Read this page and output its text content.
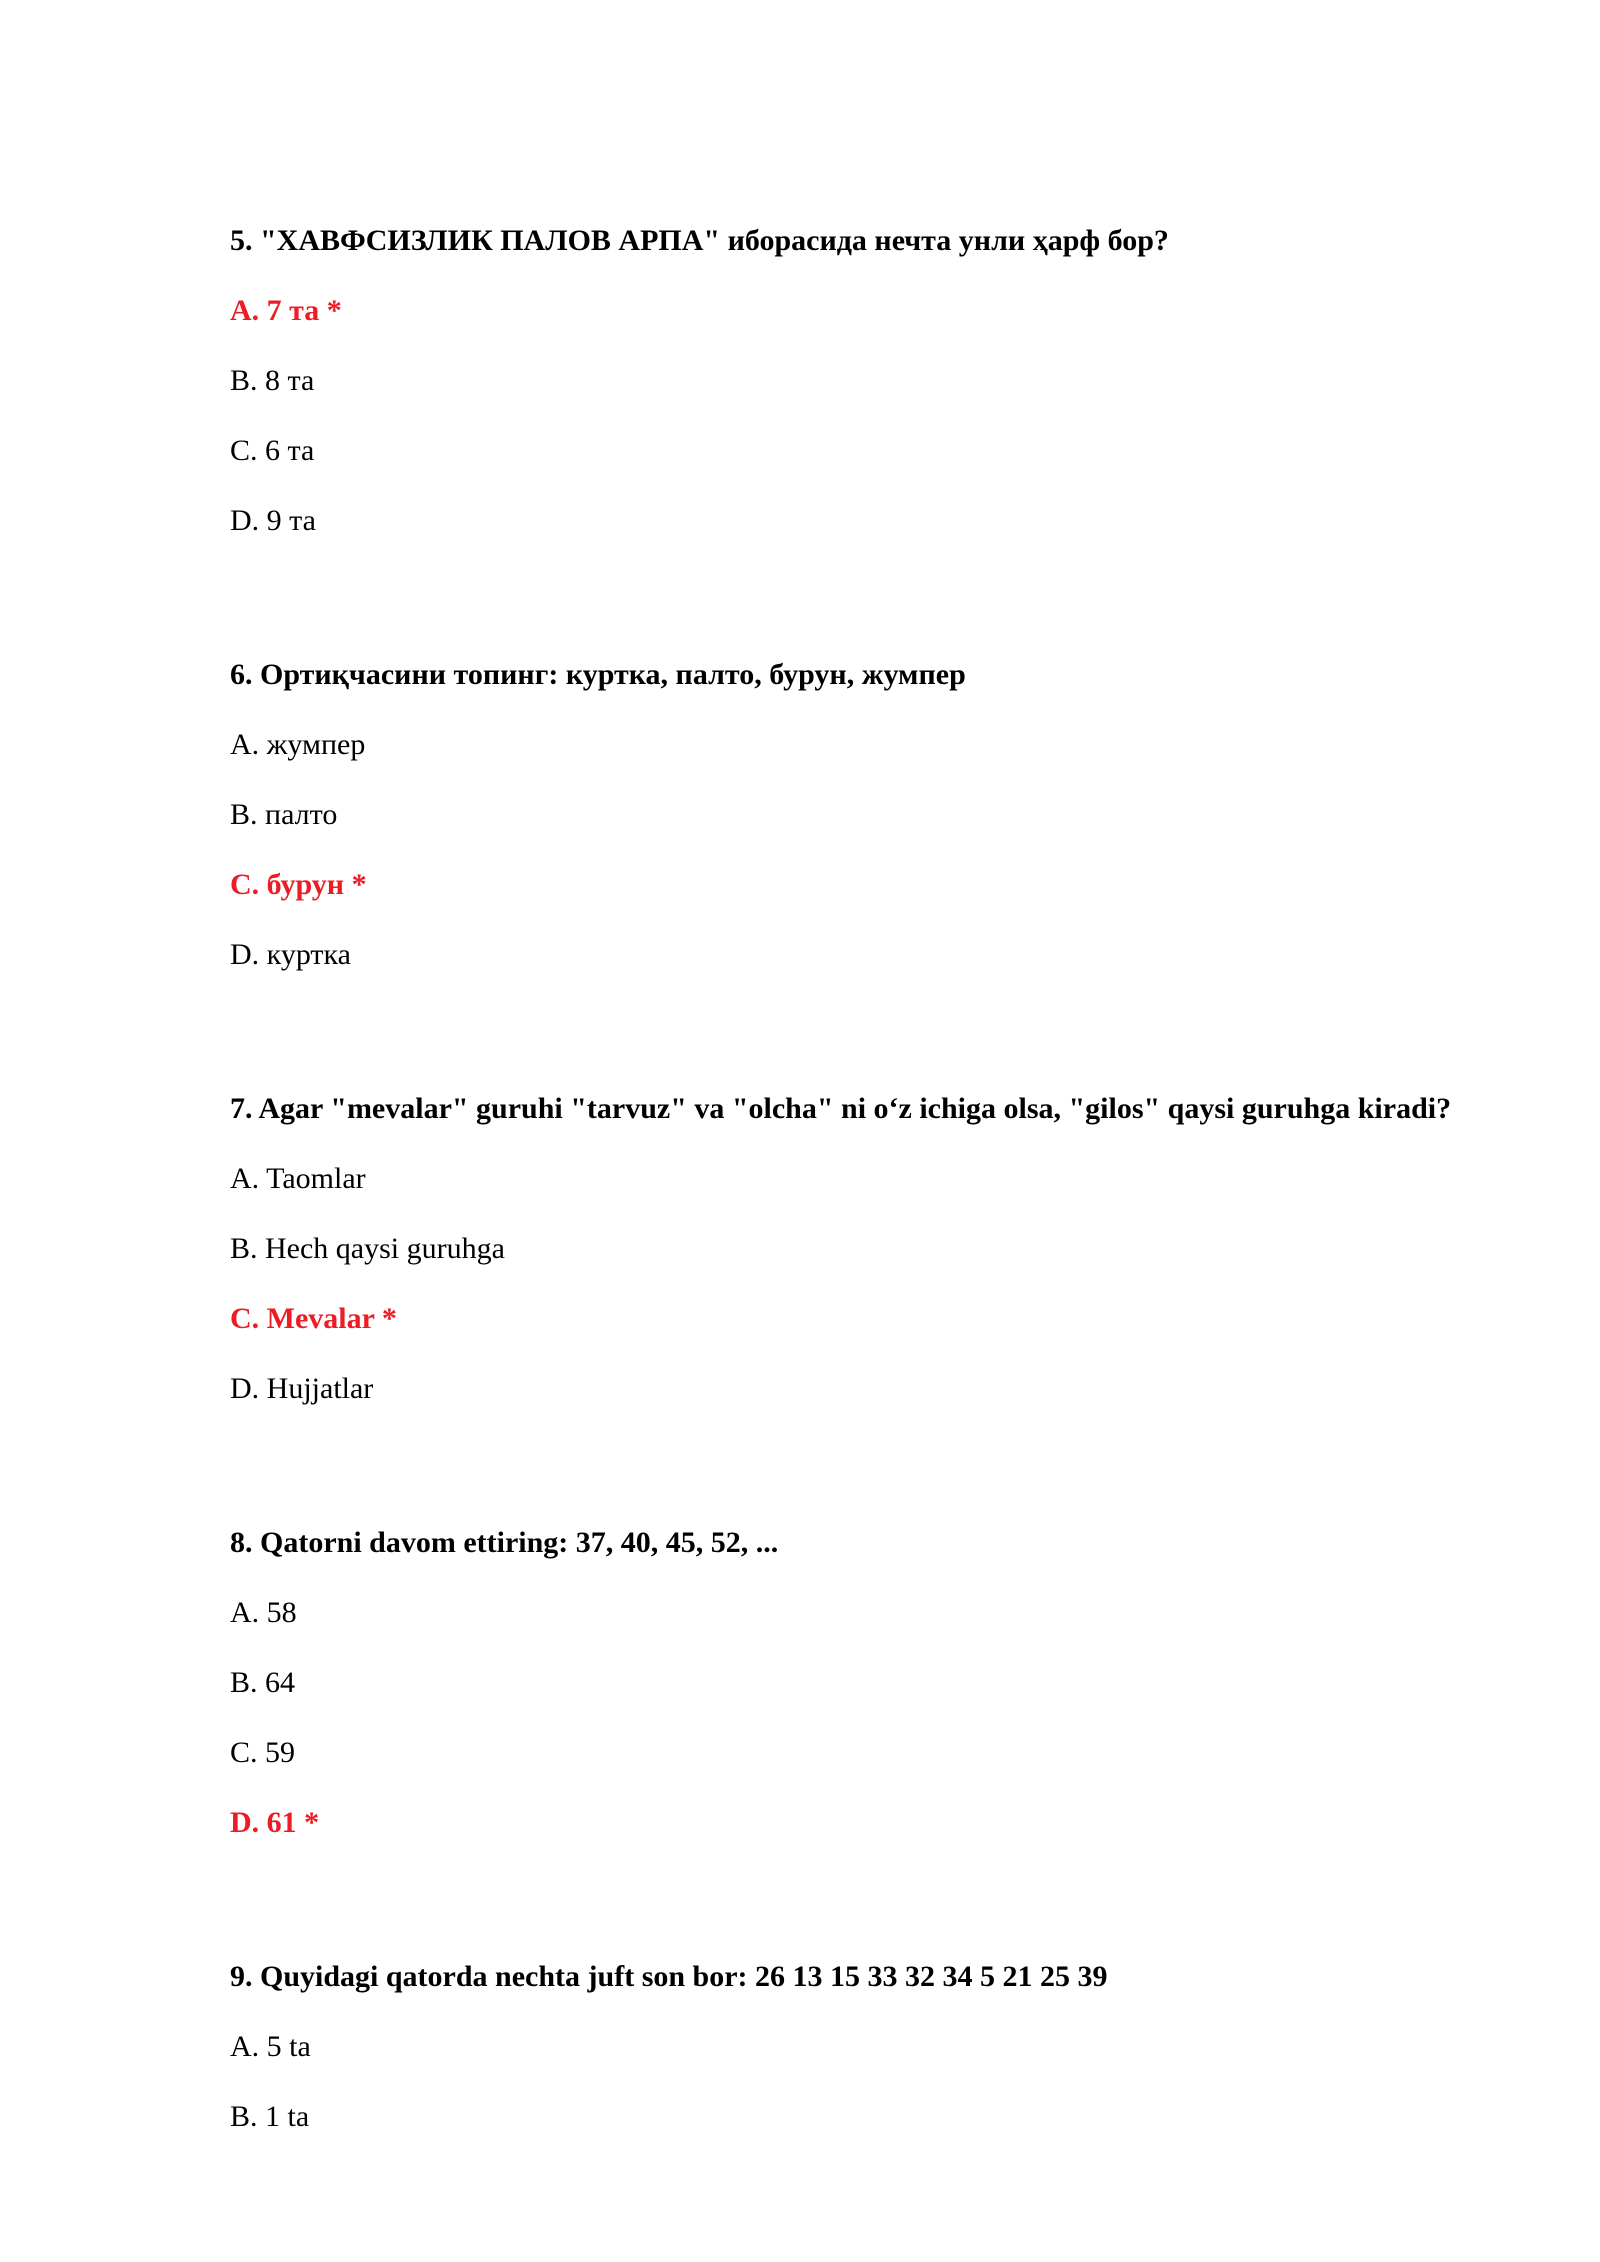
5. "ХАВФСИЗЛИК ПАЛОВ АРПА" иборасида нечта унли ҳарф бор?
A. 7 та *
B. 8 та
C. 6 та
D. 9 та
6. Ортиқчасини топинг: куртка, палто, бурун, жумпер
A. жумпер
B. палто
C. бурун *
D. куртка
7. Agar "mevalar" guruhi "tarvuz" va "olcha" ni o‘z ichiga olsa, "gilos" qaysi guruhga kiradi?
A. Taomlar
B. Hech qaysi guruhga
C. Mevalar *
D. Hujjatlar
8. Qatorni davom ettiring: 37, 40, 45, 52, ...
A. 58
B. 64
C. 59
D. 61 *
9. Quyidagi qatorda nechta juft son bor: 26 13 15 33 32 34 5 21 25 39
A. 5 ta
B. 1 ta
